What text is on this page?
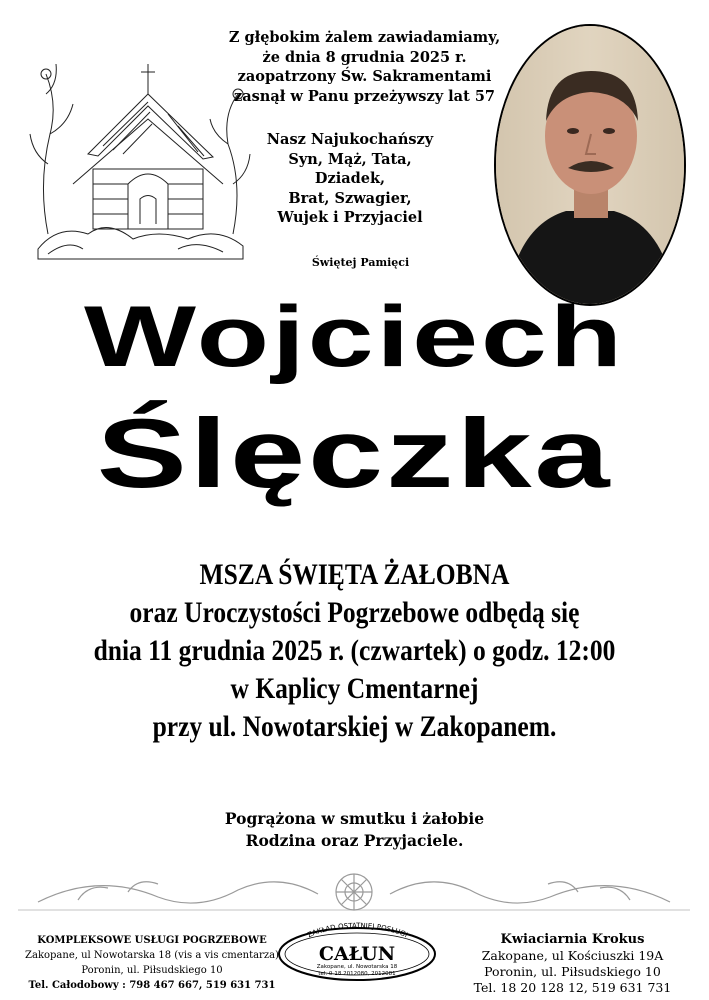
Z głębokim żalem zawiadamiamy,
że dnia 8 grudnia 2025 r.
zaopatrzony Św. Sakramentami
zasnął w Panu przeżywszy lat 57
Nasz Najukochańszy
Syn, Mąż, Tata, Dziadek,
Brat, Szwagier,
Wujek i Przyjaciel
Świętej Pamięci
Wojciech
Ślęczka
MSZA ŚWIĘTA ŻAŁOBNA
oraz Uroczystości Pogrzebowe odbędą się
dnia 11 grudnia 2025 r. (czwartek) o godz. 12:00
w Kaplicy Cmentarnej
przy ul. Nowotarskiej w Zakopanem.
Pogrążona w smutku i żałobie
Rodzina oraz Przyjaciele.
KOMPLEKSOWE USŁUGI POGRZEBOWE
Zakopane, ul Nowotarska 18 (vis a vis cmentarza)
Poronin, ul. Piłsudskiego 10
Tel. Całodobowy : 798 467 667, 519 631 731
ZAKŁAD OSTATNIEJ POSŁUGI
CAŁUN
Zakopane, ul. Nowotarska 18
tel. 0-18 2012080, 2012081
Kwiaciarnia Krokus
Zakopane, ul Kościuszki 19A
Poronin, ul. Piłsudskiego 10
Tel. 18 20 128 12, 519 631 731
